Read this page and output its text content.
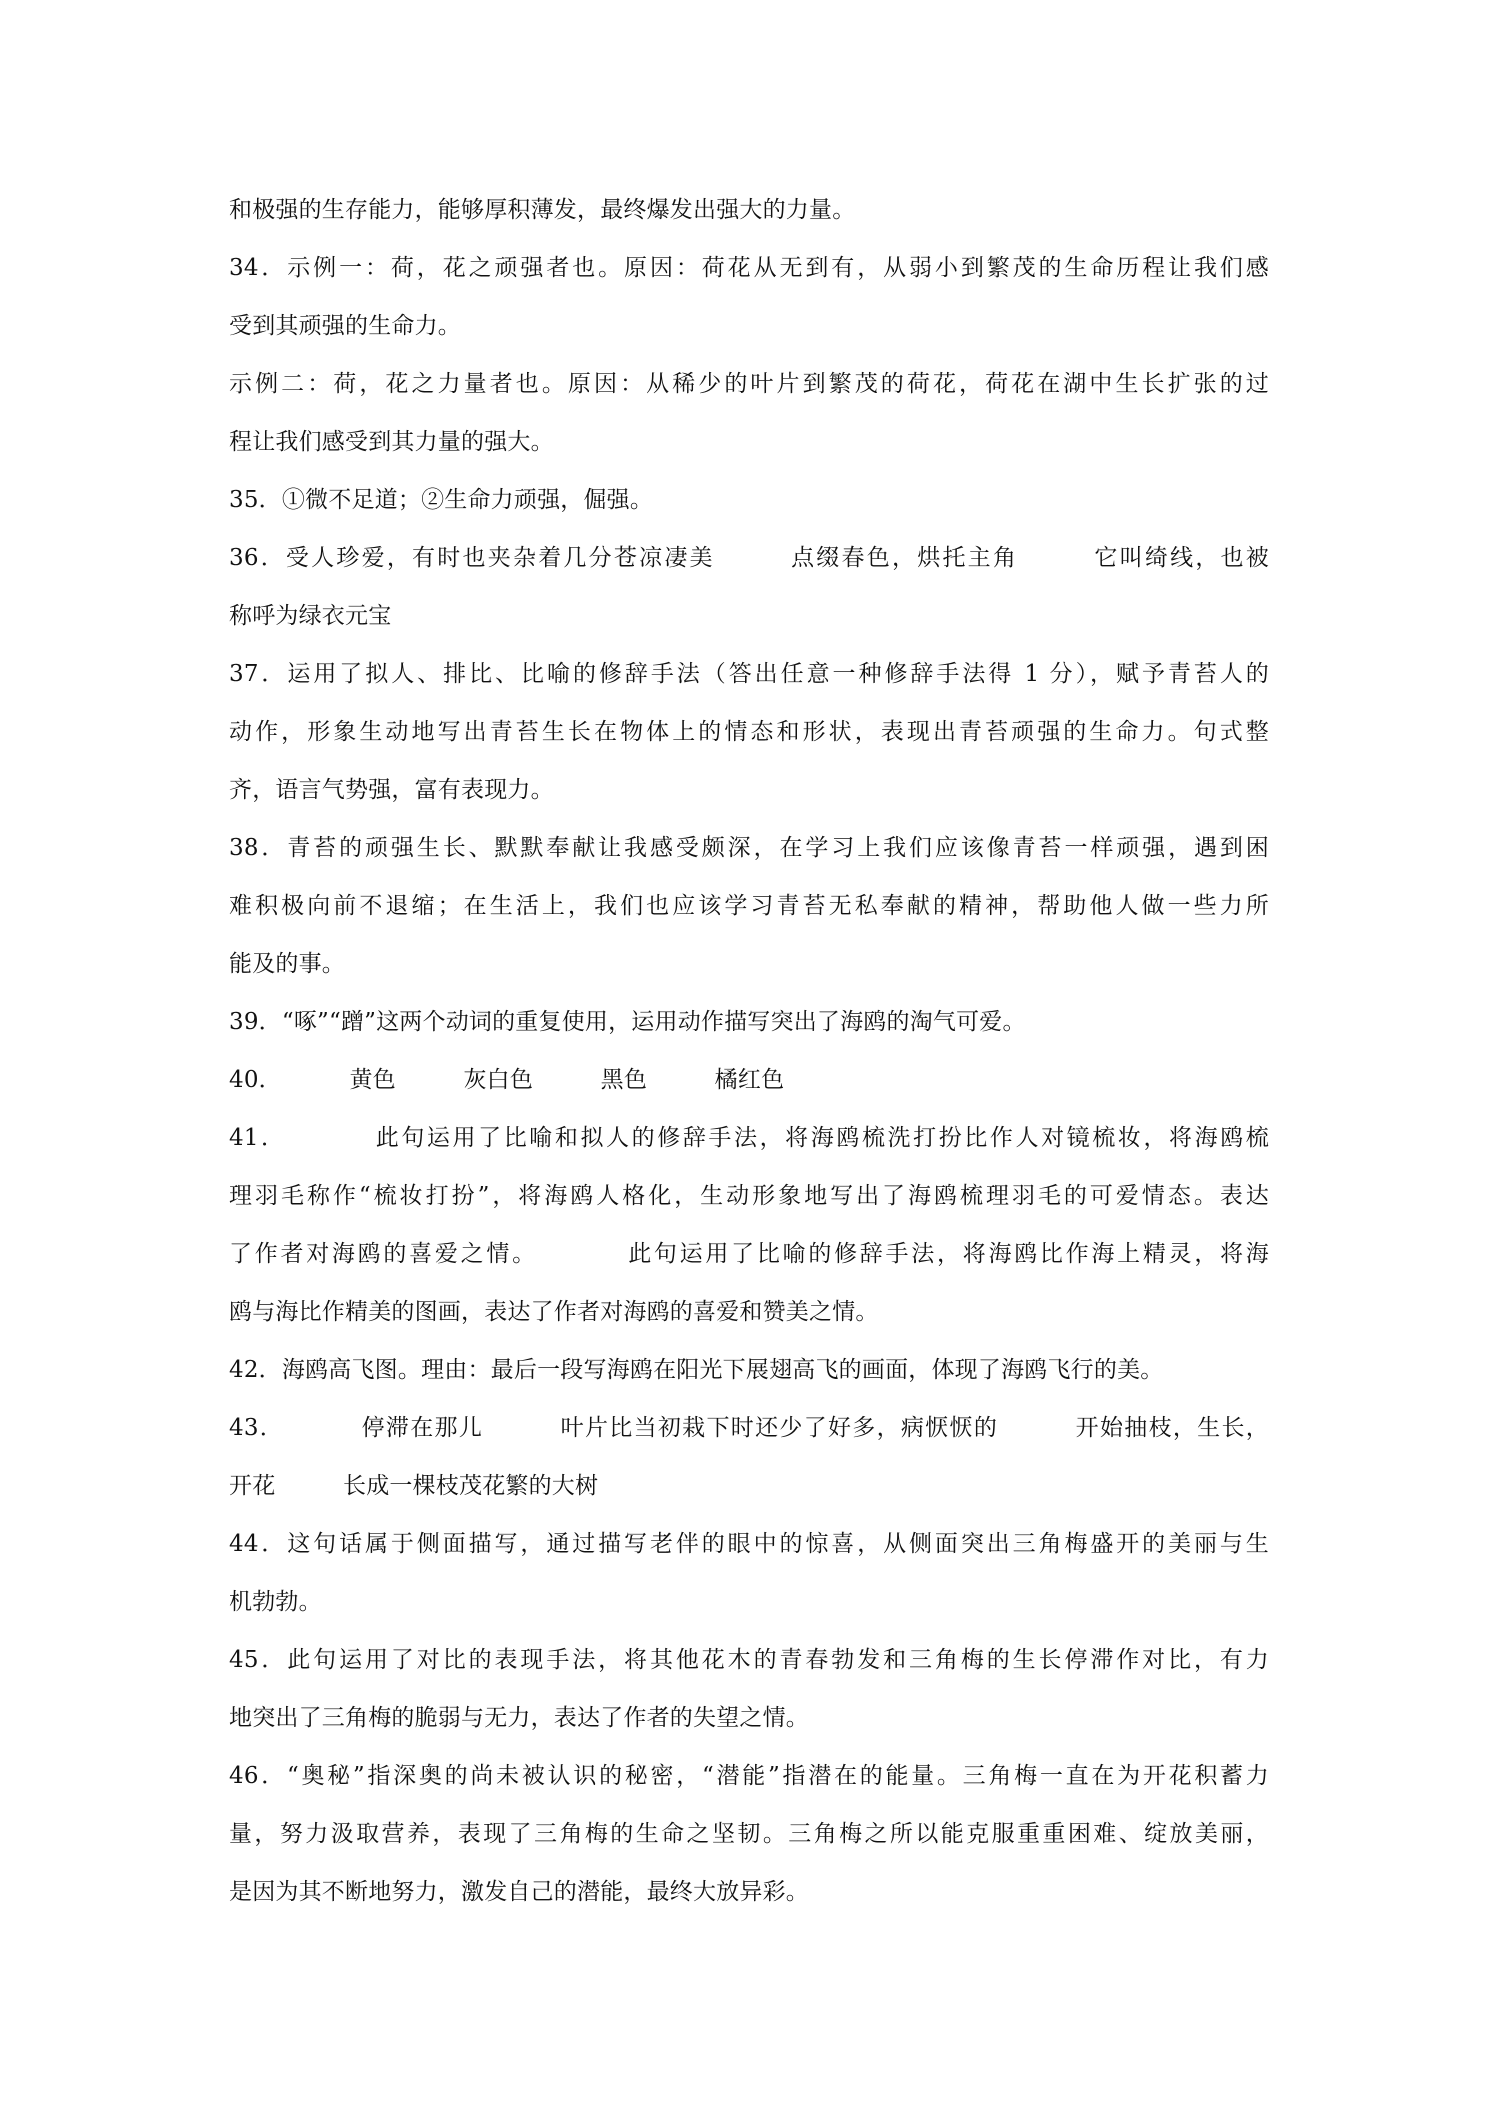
和极强的生存能力，能够厚积薄发，最终爆发出强大的力量。
34．示例一：荷，花之顽强者也。原因：荷花从无到有，从弱小到繁茂的生命历程让我们感
受到其顽强的生命力。
示例二：荷，花之力量者也。原因：从稀少的叶片到繁茂的荷花，荷花在湖中生长扩张的过
程让我们感受到其力量的强大。
35．①微不足道；②生命力顽强，倔强。
36．受人珍爱，有时也夹杂着几分苍凉凄美        点缀春色，烘托主角        它叫绮线，也被
称呼为绿衣元宝
37．运用了拟人、排比、比喻的修辞手法（答出任意一种修辞手法得 1 分），赋予青苔人的
动作，形象生动地写出青苔生长在物体上的情态和形状，表现出青苔顽强的生命力。句式整
齐，语言气势强，富有表现力。
38．青苔的顽强生长、默默奉献让我感受颇深，在学习上我们应该像青苔一样顽强，遇到困
难积极向前不退缩；在生活上，我们也应该学习青苔无私奉献的精神，帮助他人做一些力所
能及的事。
39．“啄”“蹭”这两个动词的重复使用，运用动作描写突出了海鸥的淘气可爱。
40．         黄色         灰白色         黑色         橘红色
41．         此句运用了比喻和拟人的修辞手法，将海鸥梳洗打扮比作人对镜梳妆，将海鸥梳
理羽毛称作“梳妆打扮”，将海鸥人格化，生动形象地写出了海鸥梳理羽毛的可爱情态。表达
了作者对海鸥的喜爱之情。         此句运用了比喻的修辞手法，将海鸥比作海上精灵，将海
鸥与海比作精美的图画，表达了作者对海鸥的喜爱和赞美之情。
42．海鸥高飞图。理由：最后一段写海鸥在阳光下展翅高飞的画面，体现了海鸥飞行的美。
43．         停滞在那儿         叶片比当初栽下时还少了好多，病恹恹的         开始抽枝，生长，
开花         长成一棵枝茂花繁的大树
44．这句话属于侧面描写，通过描写老伴的眼中的惊喜，从侧面突出三角梅盛开的美丽与生
机勃勃。
45．此句运用了对比的表现手法，将其他花木的青春勃发和三角梅的生长停滞作对比，有力
地突出了三角梅的脆弱与无力，表达了作者的失望之情。
46．“奥秘”指深奥的尚未被认识的秘密，“潜能”指潜在的能量。三角梅一直在为开花积蓄力
量，努力汲取营养，表现了三角梅的生命之坚韧。三角梅之所以能克服重重困难、绽放美丽，
是因为其不断地努力，激发自己的潜能，最终大放异彩。
